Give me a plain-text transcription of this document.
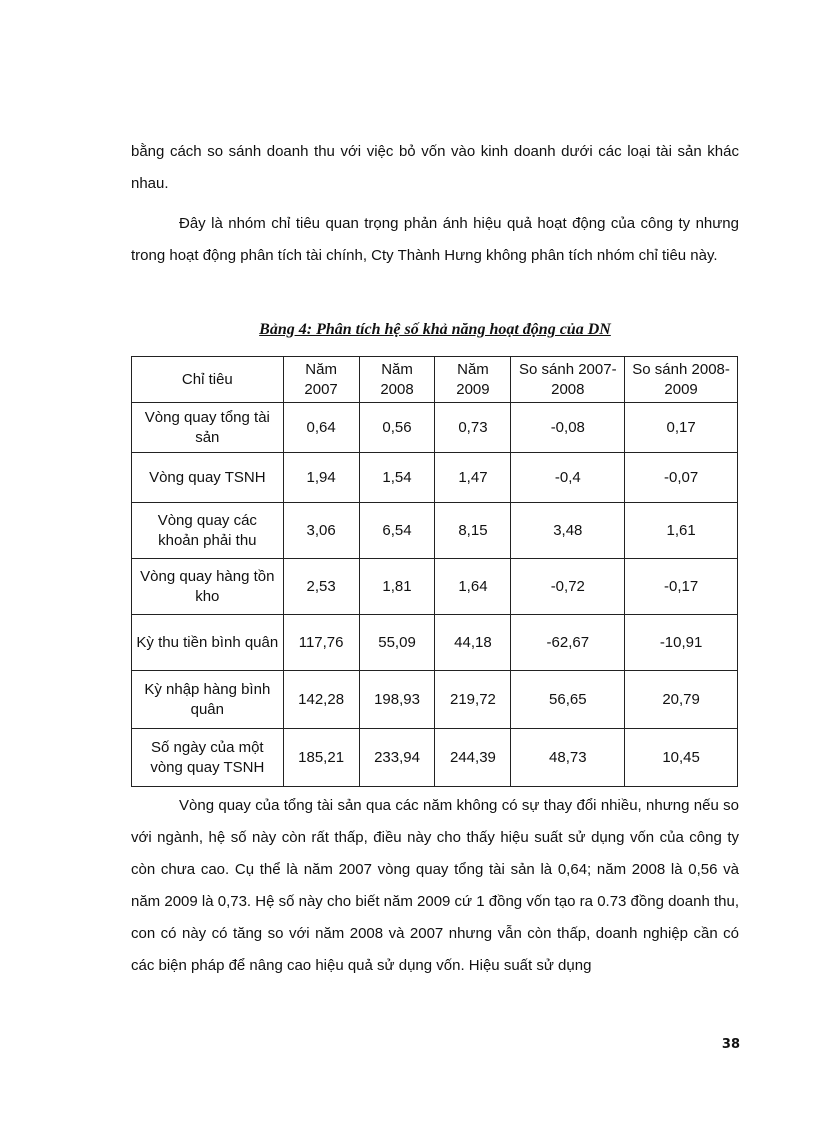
bằng cách so sánh doanh thu với việc bỏ vốn vào kinh doanh dưới các loại tài sản khác nhau.

Đây là nhóm chỉ tiêu quan trọng phản ánh hiệu quả hoạt động của công ty nhưng trong hoạt động phân tích tài chính, Cty Thành Hưng không phân tích nhóm chỉ tiêu này.

Bảng 4: Phân tích hệ số khả năng hoạt động của DN

Chỉ tiêu	Năm 2007	Năm 2008	Năm 2009	So sánh 2007-2008	So sánh 2008-2009
Vòng quay tổng tài sản	0,64	0,56	0,73	-0,08	0,17
Vòng quay TSNH	1,94	1,54	1,47	-0,4	-0,07
Vòng quay các khoản phải thu	3,06	6,54	8,15	3,48	1,61
Vòng quay hàng tồn kho	2,53	1,81	1,64	-0,72	-0,17
Kỳ thu tiền bình quân	117,76	55,09	44,18	-62,67	-10,91
Kỳ nhập hàng bình quân	142,28	198,93	219,72	56,65	20,79
Số ngày của một vòng quay TSNH	185,21	233,94	244,39	48,73	10,45

Vòng quay của tổng tài sản qua các năm không có sự thay đổi nhiều, nhưng nếu so với ngành, hệ số này còn rất thấp, điều này cho thấy hiệu suất sử dụng vốn của công ty còn chưa cao. Cụ thể là năm 2007 vòng quay tổng tài sản là 0,64; năm 2008 là 0,56 và năm 2009 là 0,73. Hệ số này cho biết năm 2009 cứ 1 đồng vốn tạo ra 0.73 đồng doanh thu, con có này có tăng so với năm 2008 và 2007 nhưng vẫn còn thấp, doanh nghiệp cần có các biện pháp để nâng cao hiệu quả sử dụng vốn. Hiệu suất sử dụng

38
